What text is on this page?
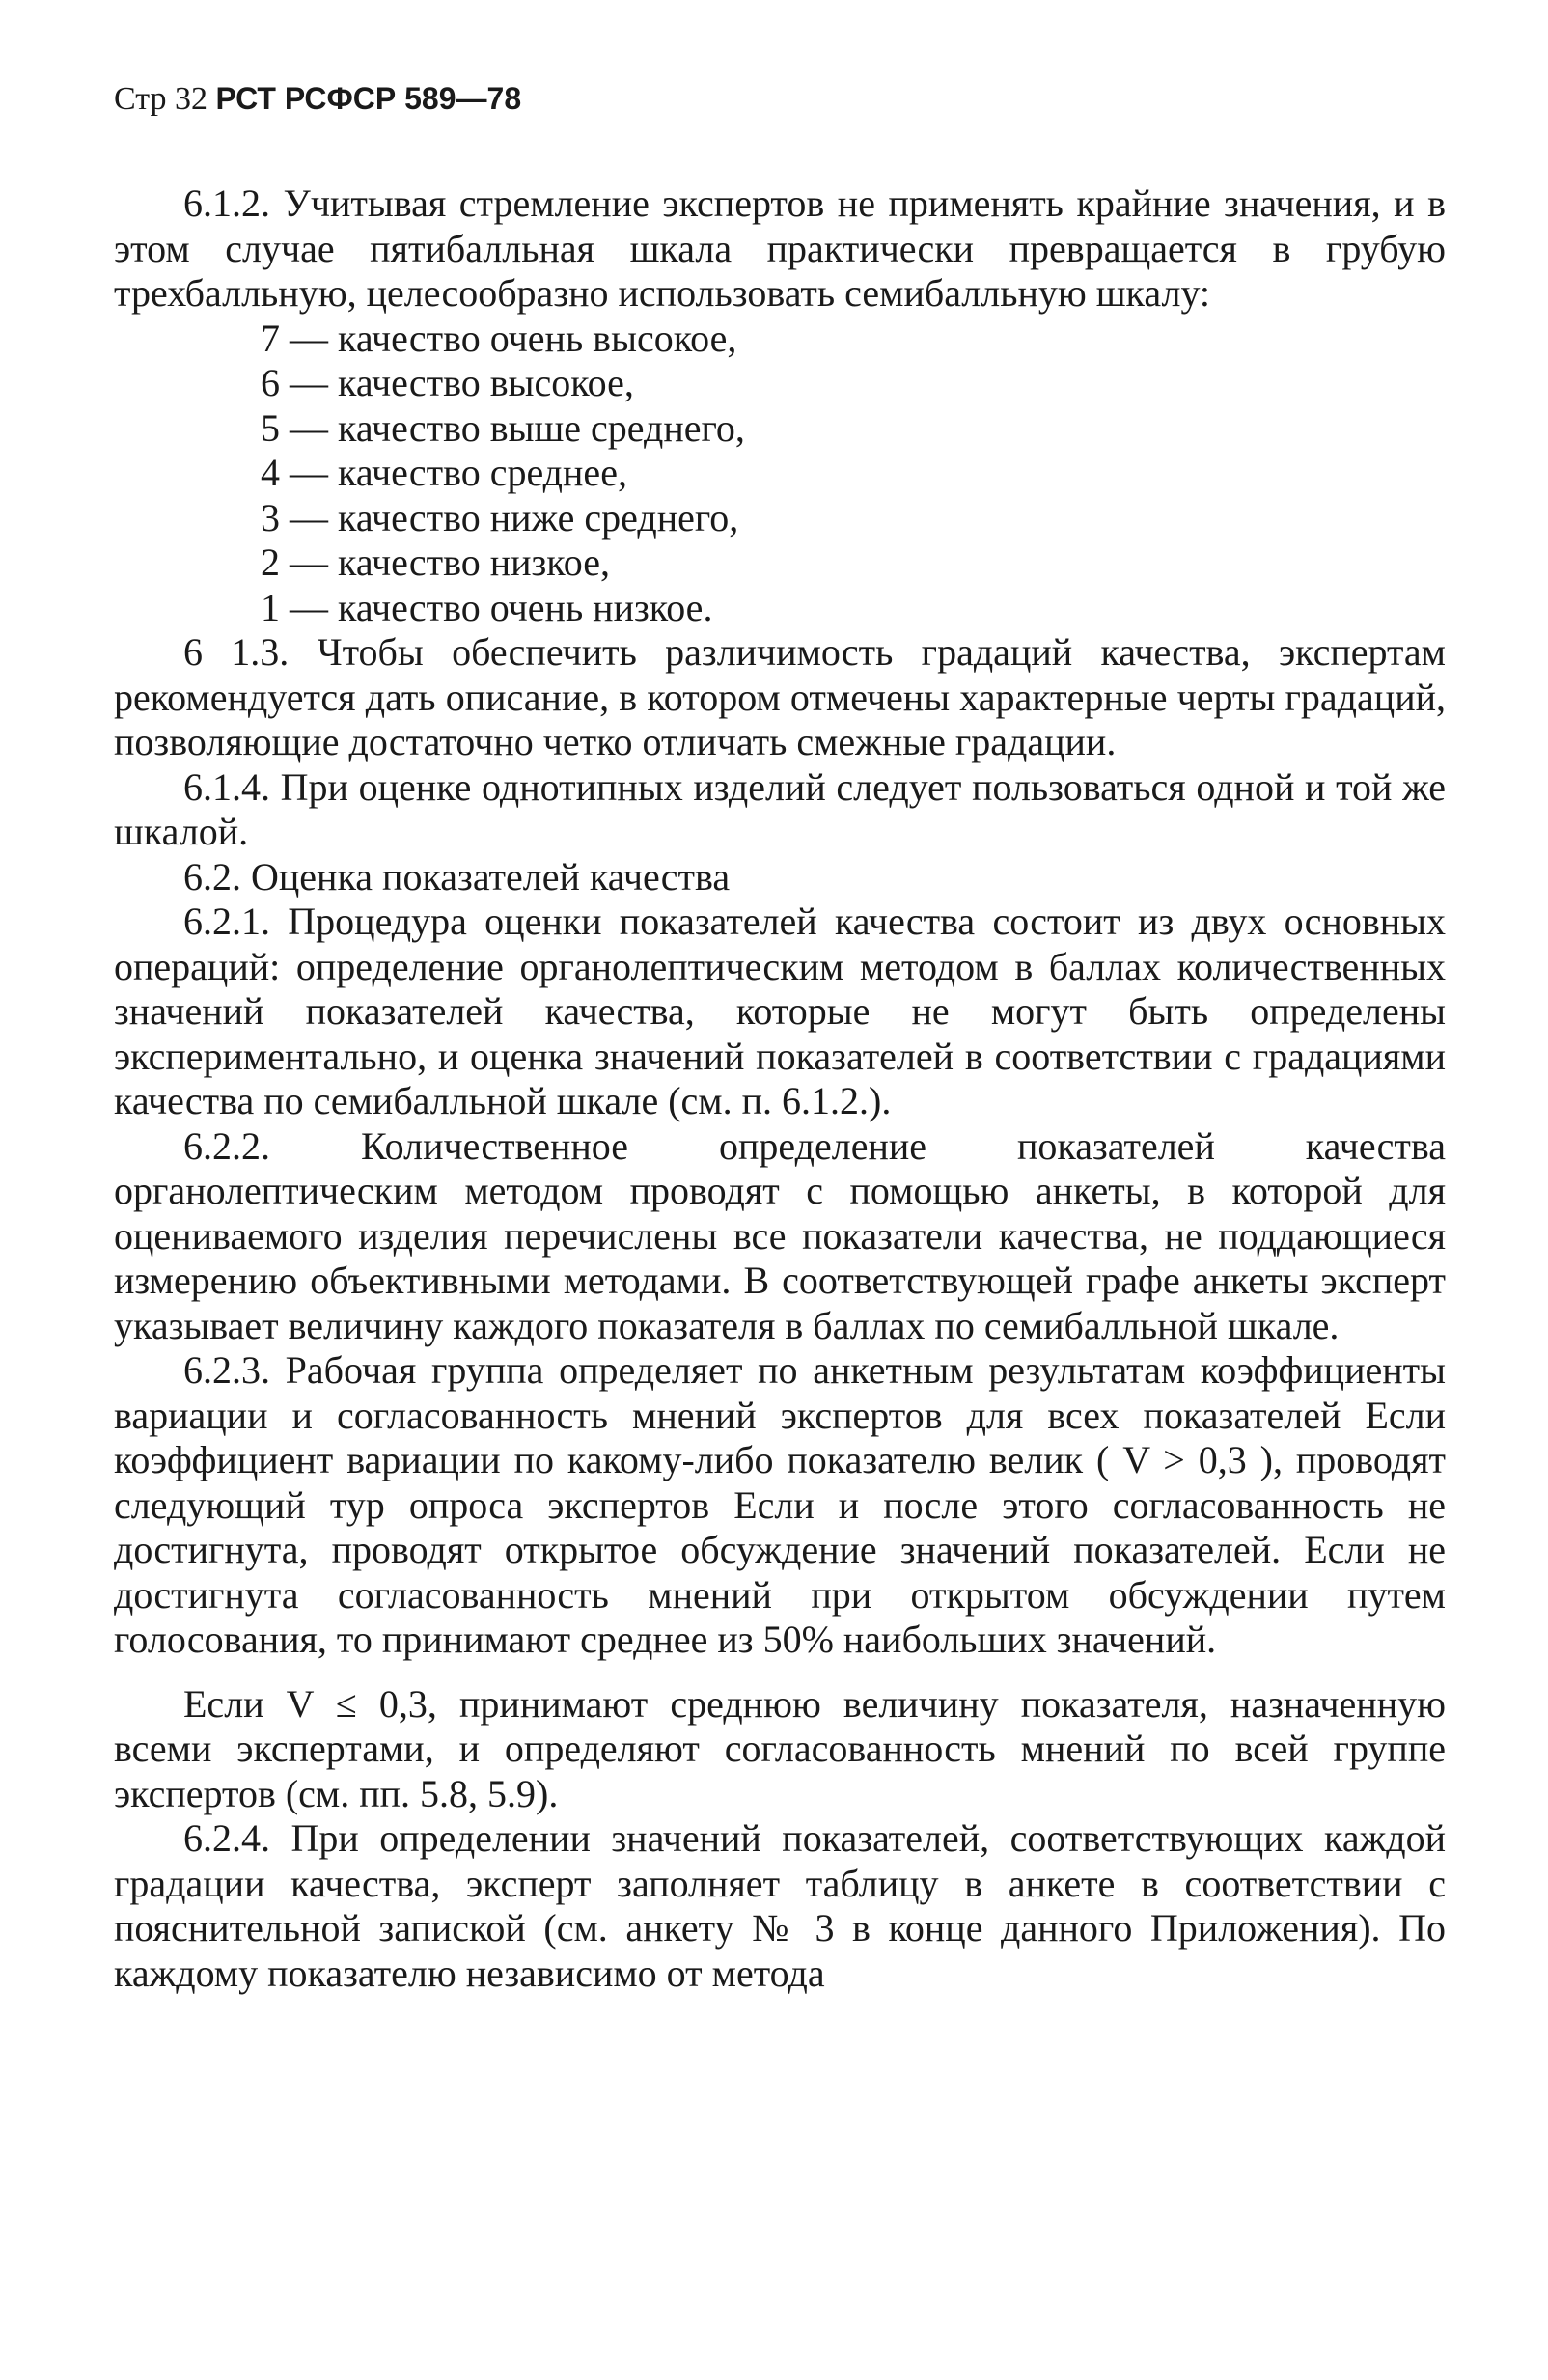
Стр 32 РСТ РСФСР 589—78

6.1.2. Учитывая стремление экспертов не применять крайние значения, и в этом случае пятибалльная шкала практически превращается в грубую трехбалльную, целесообразно использовать семибалльную шкалу:

7 — качество очень высокое,
6 — качество высокое,
5 — качество выше среднего,
4 — качество среднее,
3 — качество ниже среднего,
2 — качество низкое,
1 — качество очень низкое.

6 1.3. Чтобы обеспечить различимость градаций качества, экспертам рекомендуется дать описание, в котором отмечены характерные черты градаций, позволяющие достаточно четко отличать смежные градации.

6.1.4. При оценке однотипных изделий следует пользоваться одной и той же шкалой.

6.2. Оценка показателей качества

6.2.1. Процедура оценки показателей качества состоит из двух основных операций: определение органолептическим методом в баллах количественных значений показателей качества, которые не могут быть определены экспериментально, и оценка значений показателей в соответствии с градациями качества по семибалльной шкале (см. п. 6.1.2.).

6.2.2. Количественное определение показателей качества органолептическим методом проводят с помощью анкеты, в которой для оцениваемого изделия перечислены все показатели качества, не поддающиеся измерению объективными методами. В соответствующей графе анкеты эксперт указывает величину каждого показателя в баллах по семибалльной шкале.

6.2.3. Рабочая группа определяет по анкетным результатам коэффициенты вариации и согласованность мнений экспертов для всех показателей Если коэффициент вариации по какому-либо показателю велик ( V > 0,3 ), проводят следующий тур опроса экспертов Если и после этого согласованность не достигнута, проводят открытое обсуждение значений показателей. Если не достигнута согласованность мнений при открытом обсуждении путем голосования, то принимают среднее из 50% наибольших значений.

Если V ≤ 0,3, принимают среднюю величину показателя, назначенную всеми экспертами, и определяют согласованность мнений по всей группе экспертов (см. пп. 5.8, 5.9).

6.2.4. При определении значений показателей, соответствующих каждой градации качества, эксперт заполняет таблицу в анкете в соответствии с пояснительной запиской (см. анкету № 3 в конце данного Приложения). По каждому показателю независимо от метода
